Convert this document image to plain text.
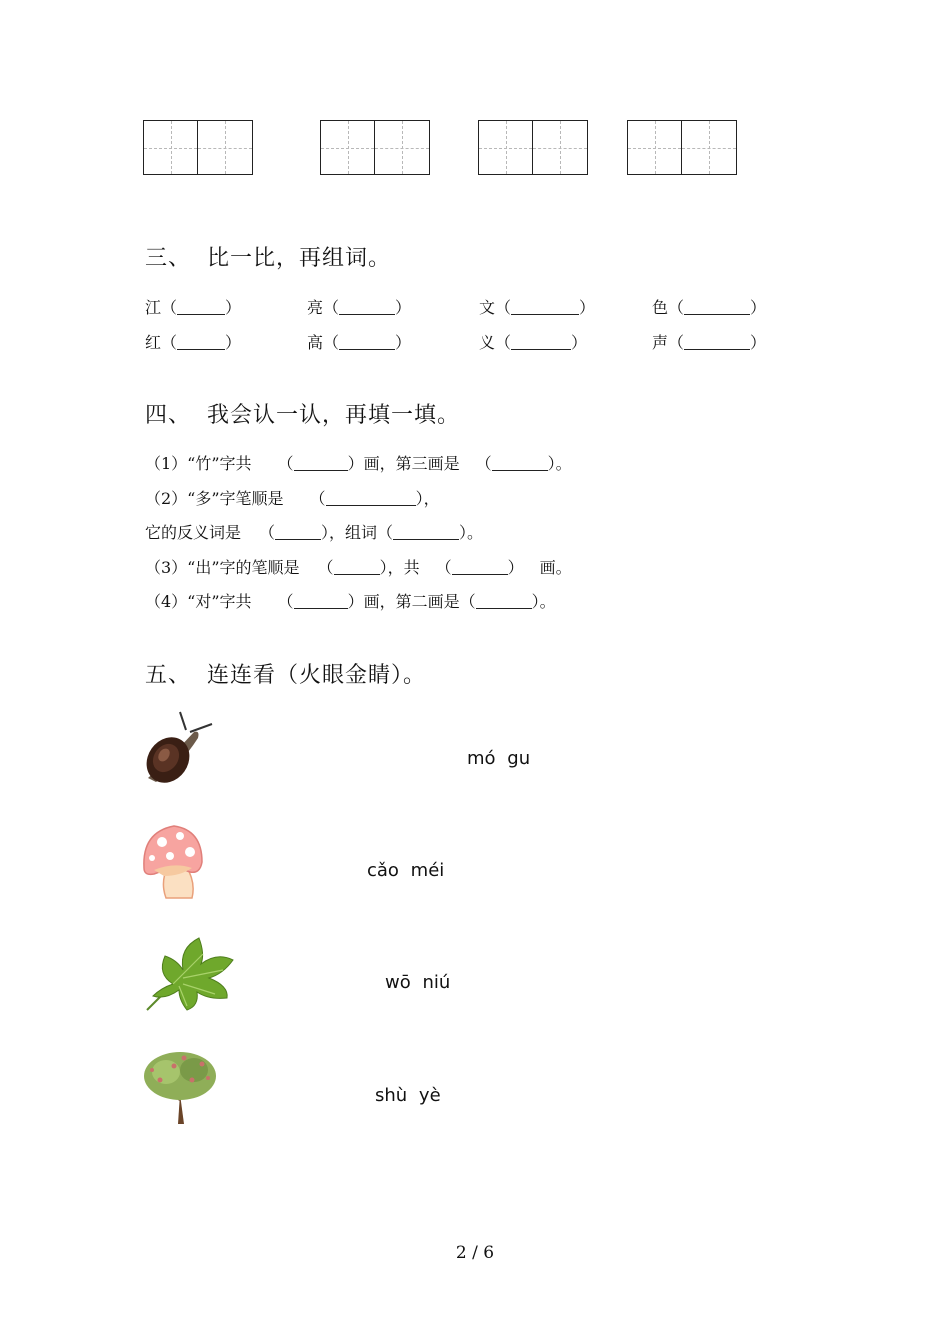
三、 比一比，再组词。
江（	）	亮（	）	文（	）	色（	）
红（	）	高（	）	义（	）	声（	）
四、 我会认一认，再填一填。
（1）“竹”字共 （	）画，第三画是 （	）。
（2）“多”字笔顺是 （	），
它的反义词是 （	），组词（	）。
（3）“出”字的笔顺是 （	），共 （	） 画。
（4）“对”字共 （	）画，第二画是（	）。
五、 连连看（火眼金睛）。
mó gu
cǎo méi
wō niú
shù yè
2 / 6
